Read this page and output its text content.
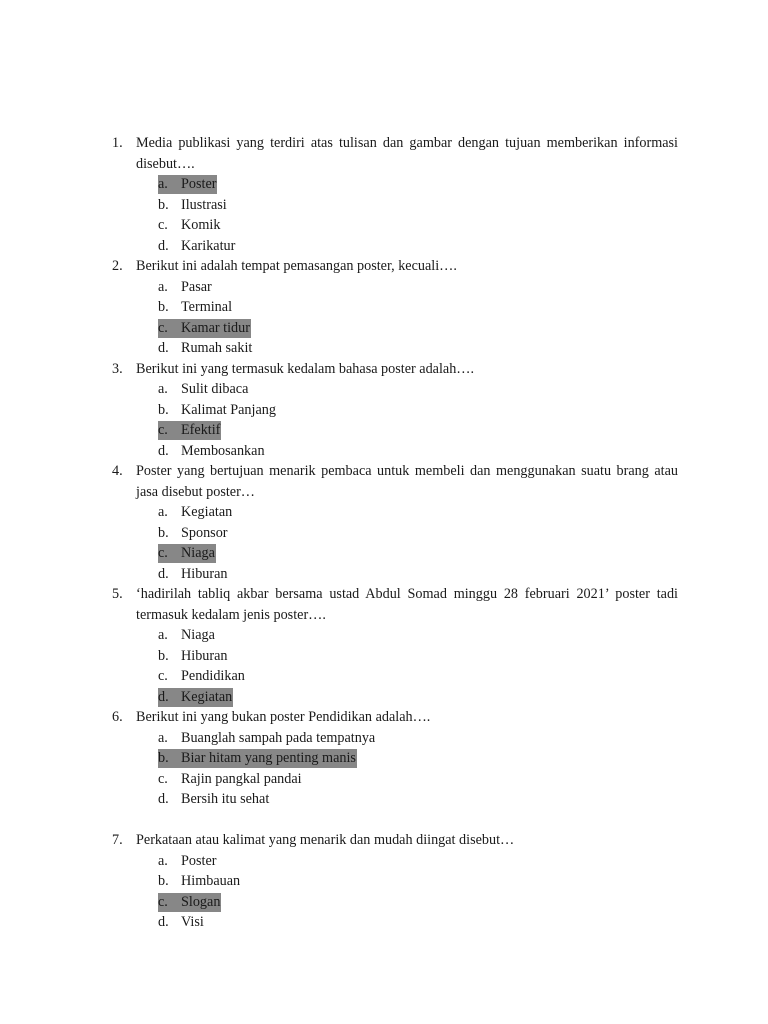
1. Media publikasi yang terdiri atas tulisan dan gambar dengan tujuan memberikan informasi disebut….

a. Poster
b. Ilustrasi
c. Komik
d. Karikatur
2. Berikut ini adalah tempat pemasangan poster, kecuali….

a. Pasar
b. Terminal
c. Kamar tidur
d. Rumah sakit
3. Berikut ini yang termasuk kedalam bahasa poster adalah….

a. Sulit dibaca
b. Kalimat Panjang
c. Efektif
d. Membosankan
4. Poster yang bertujuan menarik pembaca untuk membeli dan menggunakan suatu brang atau jasa disebut poster…

a. Kegiatan
b. Sponsor
c. Niaga
d. Hiburan
5. ‘hadirilah tabliq akbar bersama ustad Abdul Somad minggu 28 februari 2021’ poster tadi termasuk kedalam jenis poster….

a. Niaga
b. Hiburan
c. Pendidikan
d. Kegiatan
6. Berikut ini yang bukan poster Pendidikan adalah….

a. Buanglah sampah pada tempatnya
b. Biar hitam yang penting manis
c. Rajin pangkal pandai
d. Bersih itu sehat
7. Perkataan atau kalimat yang menarik dan mudah diingat disebut…

a. Poster
b. Himbauan
c. Slogan
d. Visi
